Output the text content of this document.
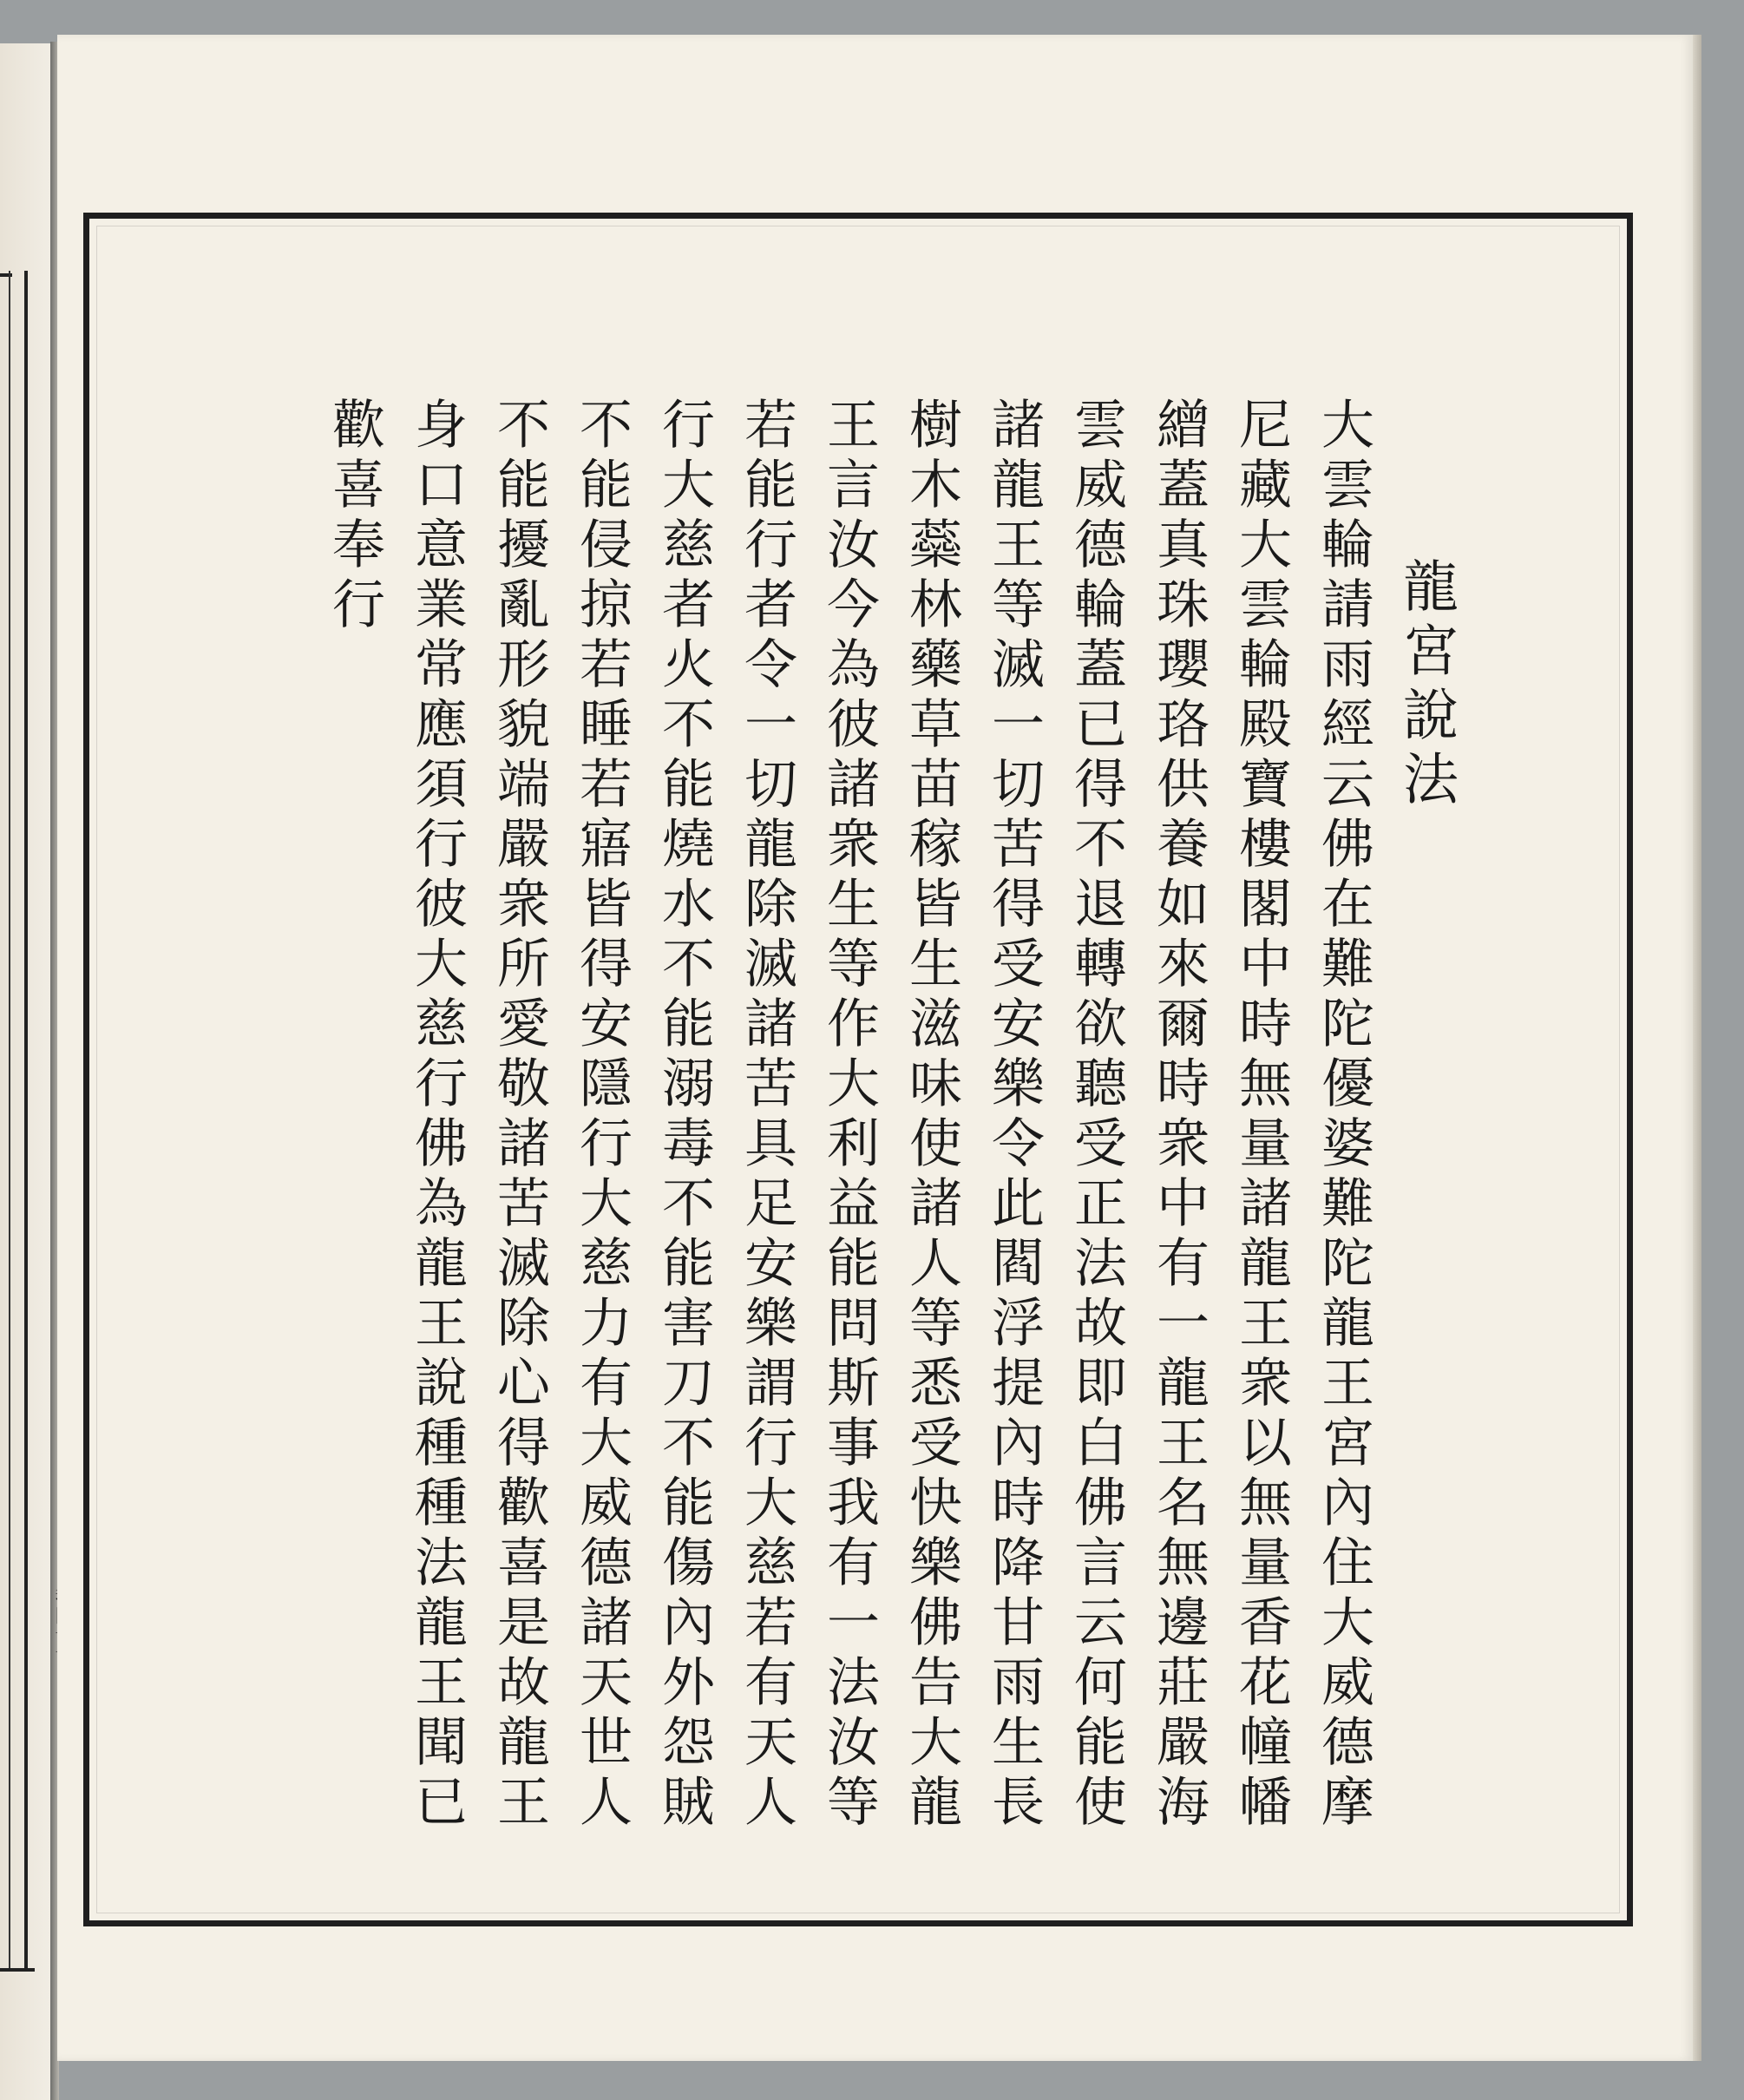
龍宮說法
大雲輪請雨經云佛在難陀優婆難陀龍王宮內住大威德摩
尼藏大雲輪殿寶樓閣中時無量諸龍王衆以無量香花幢幡
繒蓋真珠瓔珞供養如來爾時衆中有一龍王名無邊莊嚴海
雲威德輪蓋已得不退轉欲聽受正法故即白佛言云何能使
諸龍王等滅一切苦得受安樂令此閻浮提內時降甘雨生長
樹木蘂林藥草苗稼皆生滋味使諸人等悉受快樂佛告大龍
王言汝今為彼諸衆生等作大利益能問斯事我有一法汝等
若能行者令一切龍除滅諸苦具足安樂謂行大慈若有天人
行大慈者火不能燒水不能溺毒不能害刀不能傷內外怨賊
不能侵掠若睡若寤皆得安隱行大慈力有大威德諸天世人
不能擾亂形貌端嚴衆所愛敬諸苦滅除心得歡喜是故龍王
身口意業常應須行彼大慈行佛為龍王說種種法龍王聞已
歡喜奉行
